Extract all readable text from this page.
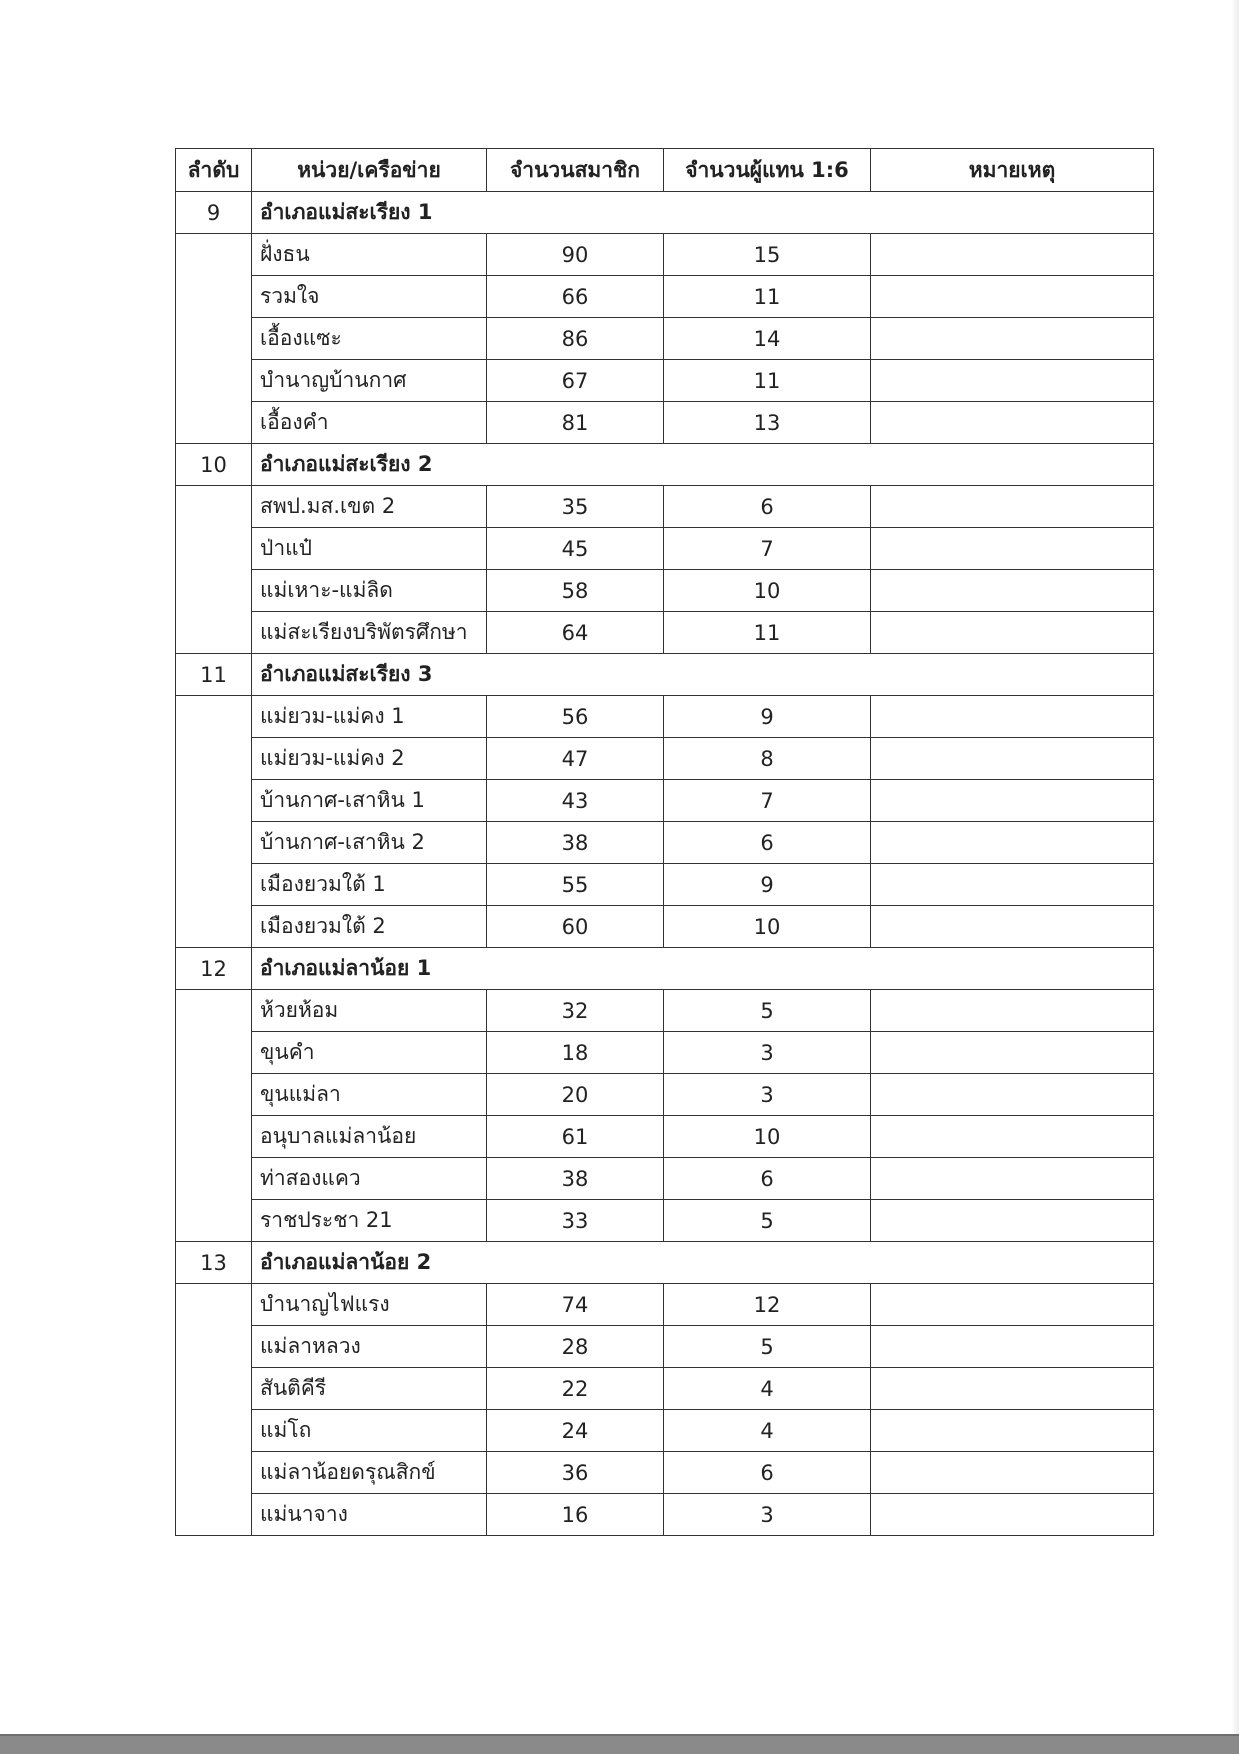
ลำดับ	หน่วย/เครือข่าย	จำนวนสมาชิก	จำนวนผู้แทน 1:6	หมายเหตุ
9	อำเภอแม่สะเรียง 1			
	ฝั่งธน	90	15	
	รวมใจ	66	11	
	เอื้องแซะ	86	14	
	บำนาญบ้านกาศ	67	11	
	เอื้องคำ	81	13	
10	อำเภอแม่สะเรียง 2			
	สพป.มส.เขต 2	35	6	
	ป่าแป๋	45	7	
	แม่เหาะ-แม่ลิด	58	10	
	แม่สะเรียงบริพัตรศึกษา	64	11	
11	อำเภอแม่สะเรียง 3			
	แม่ยวม-แม่คง 1	56	9	
	แม่ยวม-แม่คง 2	47	8	
	บ้านกาศ-เสาหิน 1	43	7	
	บ้านกาศ-เสาหิน 2	38	6	
	เมืองยวมใต้ 1	55	9	
	เมืองยวมใต้ 2	60	10	
12	อำเภอแม่ลาน้อย 1			
	ห้วยห้อม	32	5	
	ขุนคำ	18	3	
	ขุนแม่ลา	20	3	
	อนุบาลแม่ลาน้อย	61	10	
	ท่าสองแคว	38	6	
	ราชประชา 21	33	5	
13	อำเภอแม่ลาน้อย 2			
	บำนาญไฟแรง	74	12	
	แม่ลาหลวง	28	5	
	สันติคีรี	22	4	
	แม่โถ	24	4	
	แม่ลาน้อยดรุณสิกข์	36	6	
	แม่นาจาง	16	3	
